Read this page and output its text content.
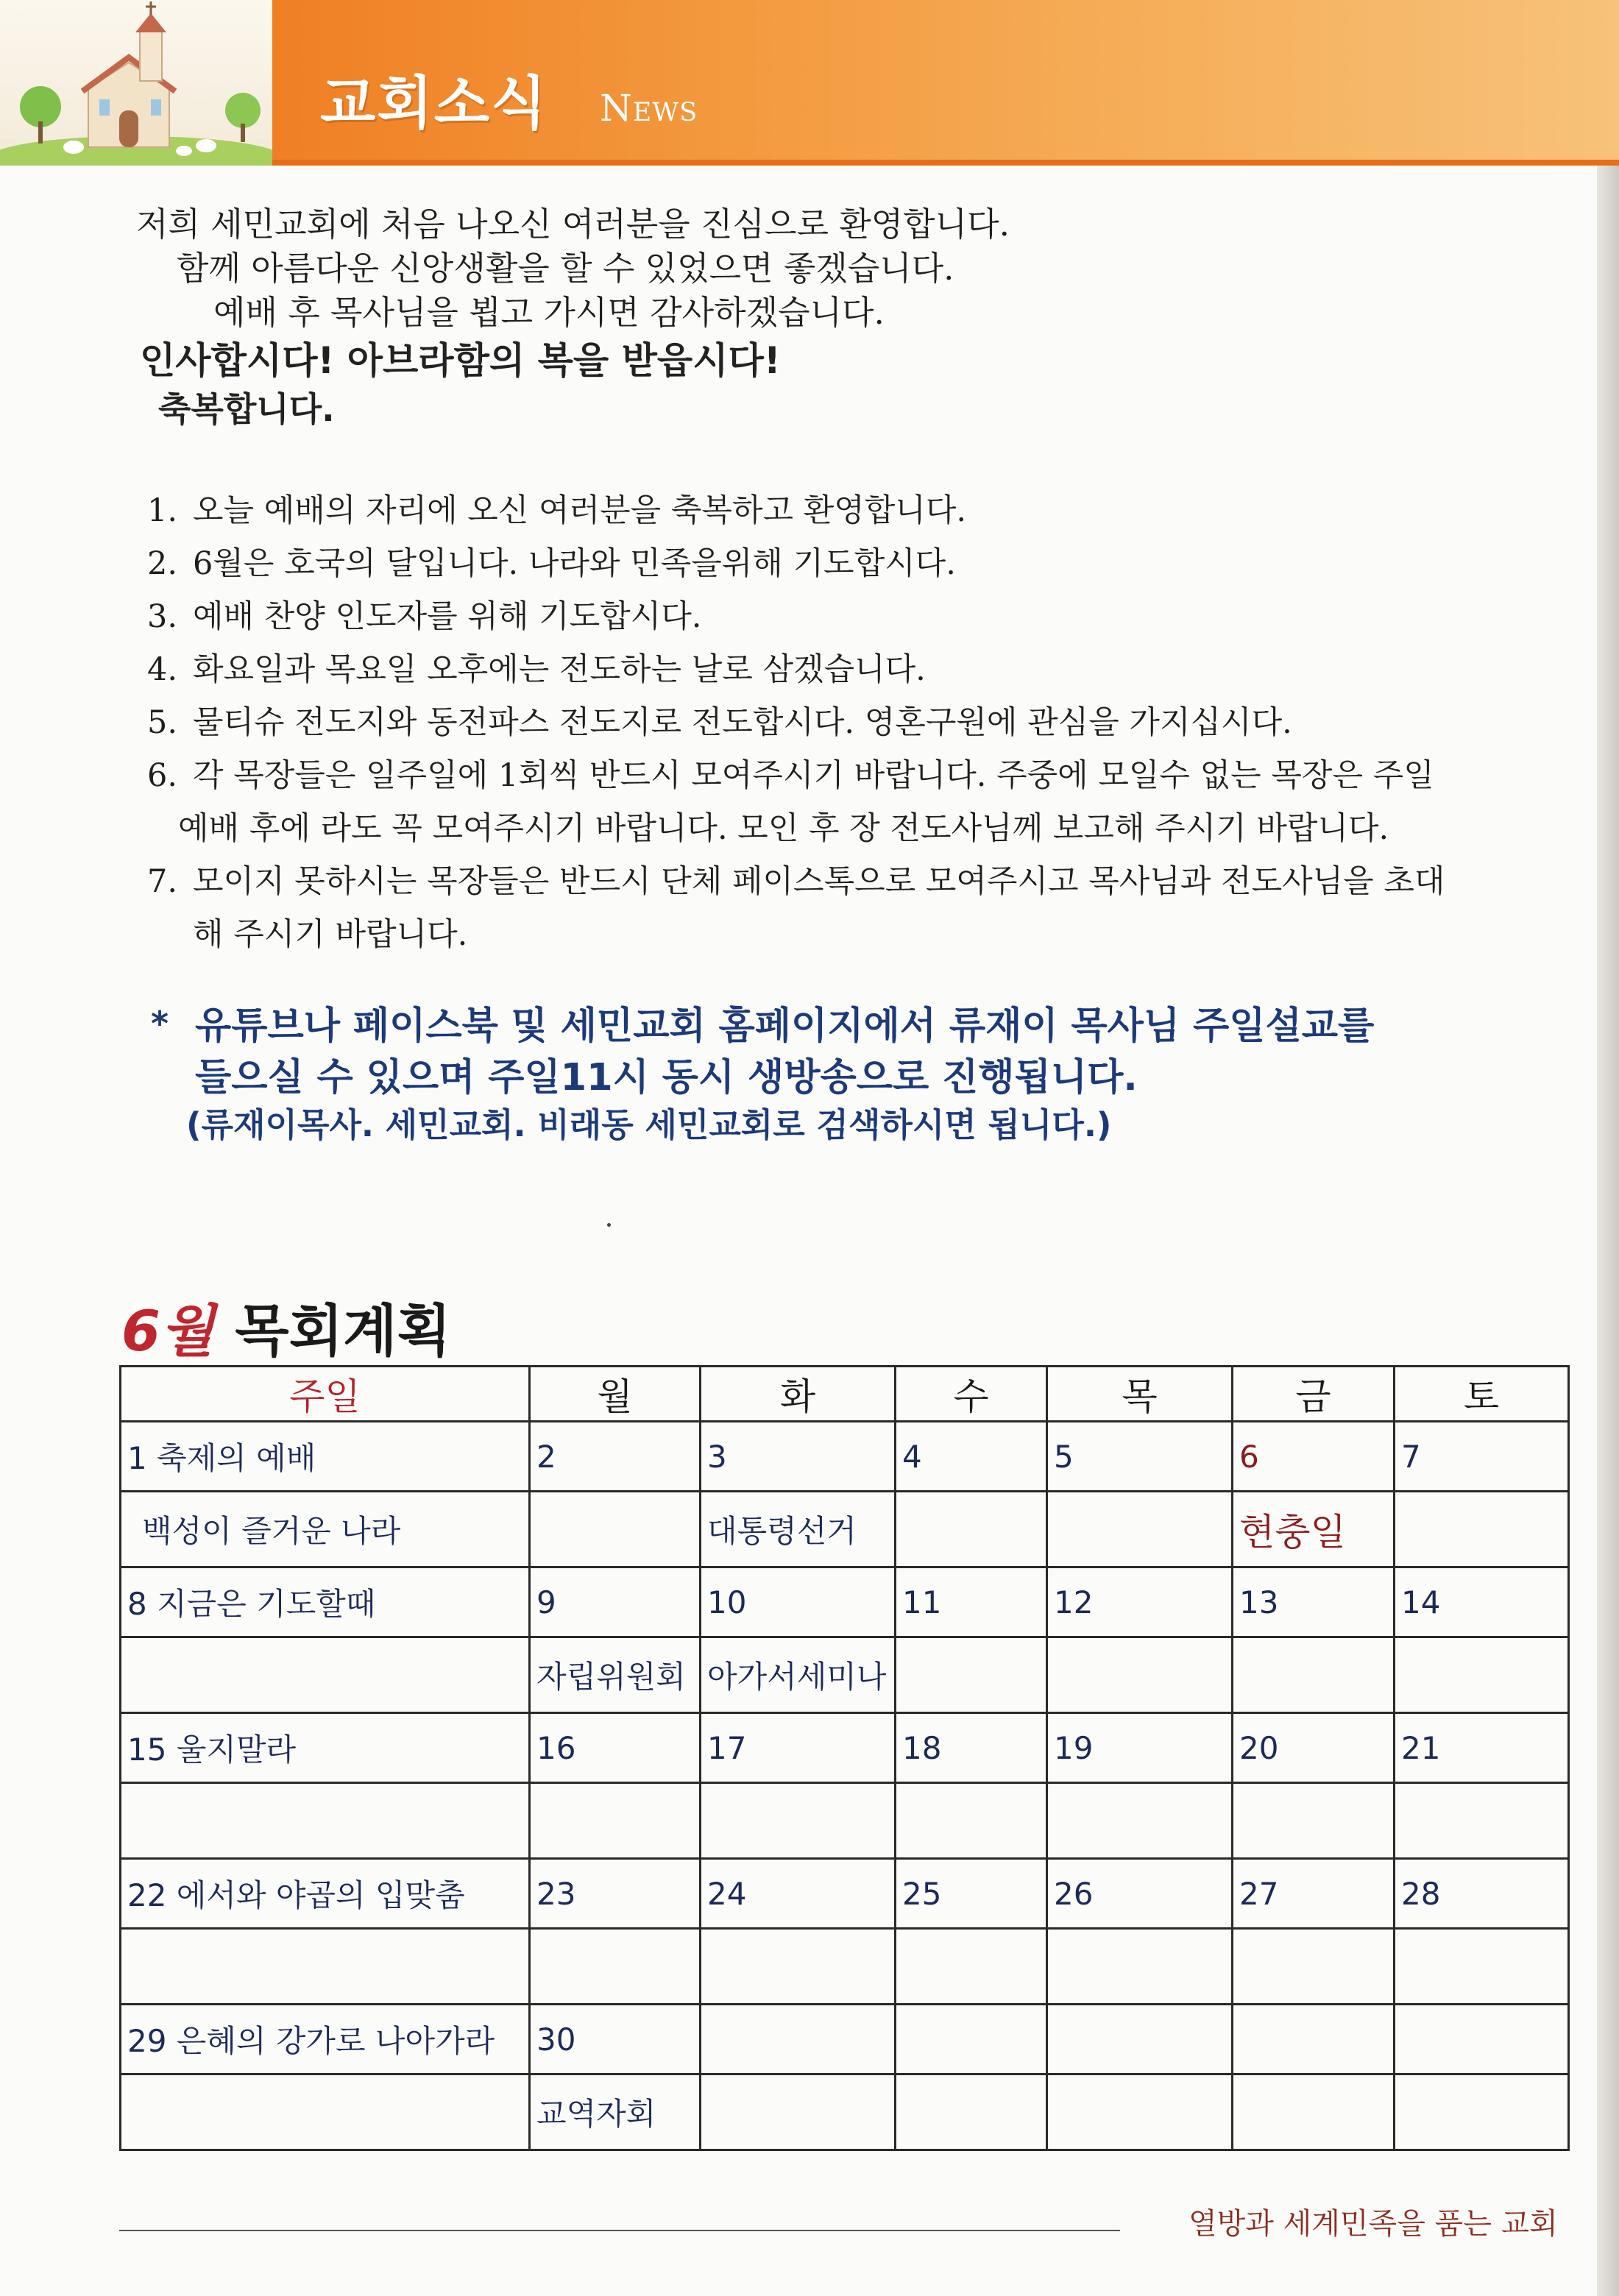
교회소식 News
저희 세민교회에 처음 나오신 여러분을 진심으로 환영합니다.
함께 아름다운 신앙생활을 할 수 있었으면 좋겠습니다.
예배 후 목사님을 뵙고 가시면 감사하겠습니다.
인사합시다! 아브라함의 복을 받읍시다!
축복합니다.
1. 오늘 예배의 자리에 오신 여러분을 축복하고 환영합니다.
2. 6월은 호국의 달입니다. 나라와 민족을위해 기도합시다.
3. 예배 찬양 인도자를 위해 기도합시다.
4. 화요일과 목요일 오후에는 전도하는 날로 삼겠습니다.
5. 물티슈 전도지와 동전파스 전도지로 전도합시다. 영혼구원에 관심을 가지십시다.
6. 각 목장들은 일주일에 1회씩 반드시 모여주시기 바랍니다. 주중에 모일수 없는 목장은 주일
예배 후에 라도 꼭 모여주시기 바랍니다. 모인 후 장 전도사님께 보고해 주시기 바랍니다.
7. 모이지 못하시는 목장들은 반드시 단체 페이스톡으로 모여주시고 목사님과 전도사님을 초대
해 주시기 바랍니다.
* 유튜브나 페이스북 및 세민교회 홈페이지에서 류재이 목사님 주일설교를
들으실 수 있으며 주일11시 동시 생방송으로 진행됩니다.
(류재이목사. 세민교회. 비래동 세민교회로 검색하시면 됩니다.)
6월 목회계획
주일	월	화	수	목	금	토
1 축제의 예배	2	3	4	5	6	7
백성이 즐거운 나라		대통령선거			현충일	
8 지금은 기도할때	9	10	11	12	13	14
	자립위원회	아가서세미나				
15 울지말라	16	17	18	19	20	21

22 에서와 야곱의 입맞춤	23	24	25	26	27	28

29 은혜의 강가로 나아가라	30					
	교역자회					
열방과 세계민족을 품는 교회
